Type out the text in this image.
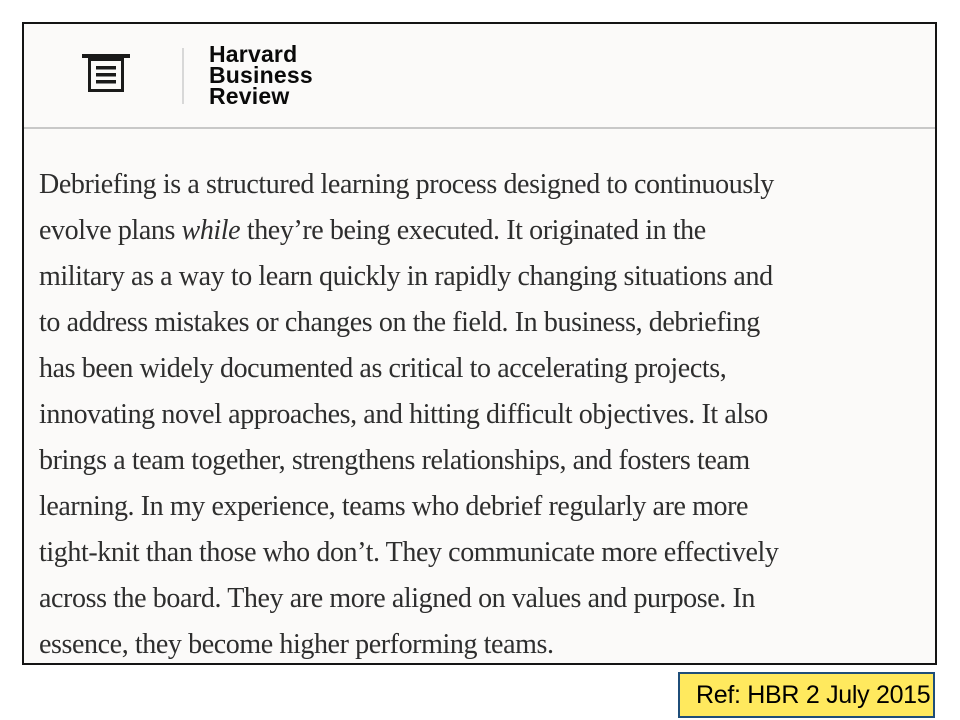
Harvard
Business
Review
Debriefing is a structured learning process designed to continuously
evolve plans while they’re being executed. It originated in the
military as a way to learn quickly in rapidly changing situations and
to address mistakes or changes on the field. In business, debriefing
has been widely documented as critical to accelerating projects,
innovating novel approaches, and hitting difficult objectives. It also
brings a team together, strengthens relationships, and fosters team
learning. In my experience, teams who debrief regularly are more
tight-knit than those who don’t. They communicate more effectively
across the board. They are more aligned on values and purpose. In
essence, they become higher performing teams.
Ref: HBR 2 July 2015
